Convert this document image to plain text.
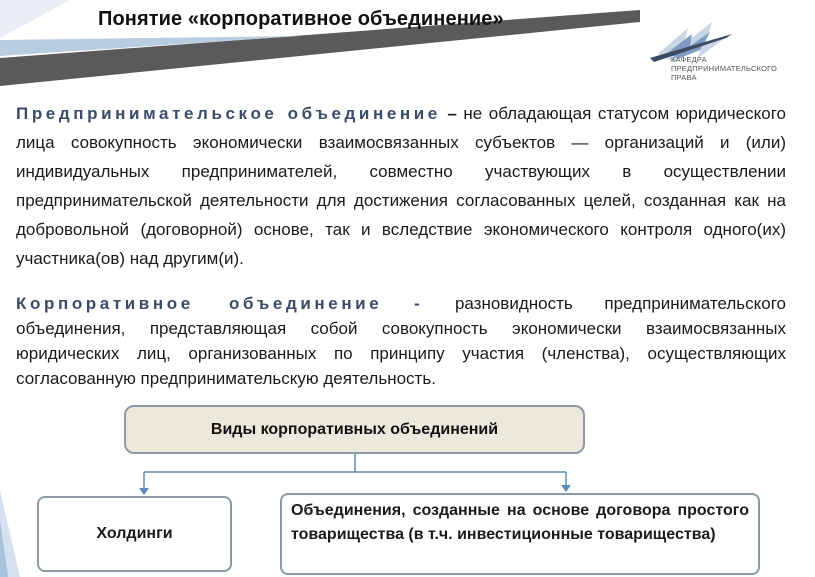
Понятие «корпоративное объединение»
КАФЕДРА
ПРЕДПРИНИМАТЕЛЬСКОГО
ПРАВА
Предпринимательское объединение – не обладающая статусом юридического лица совокупность экономически взаимосвязанных субъектов — организаций и (или) индивидуальных предпринимателей, совместно участвующих в осуществлении предпринимательской деятельности для достижения согласованных целей, созданная как на добровольной (договорной) основе, так и вследствие экономического контроля одного(их) участника(ов) над другим(и).
Корпоративное объединение - разновидность предпринимательского объединения, представляющая собой совокупность экономически взаимосвязанных юридических лиц, организованных по принципу участия (членства), осуществляющих согласованную предпринимательскую деятельность.
Виды корпоративных объединений
Холдинги
Объединения, созданные на основе договора простого товарищества (в т.ч. инвестиционные товарищества)
